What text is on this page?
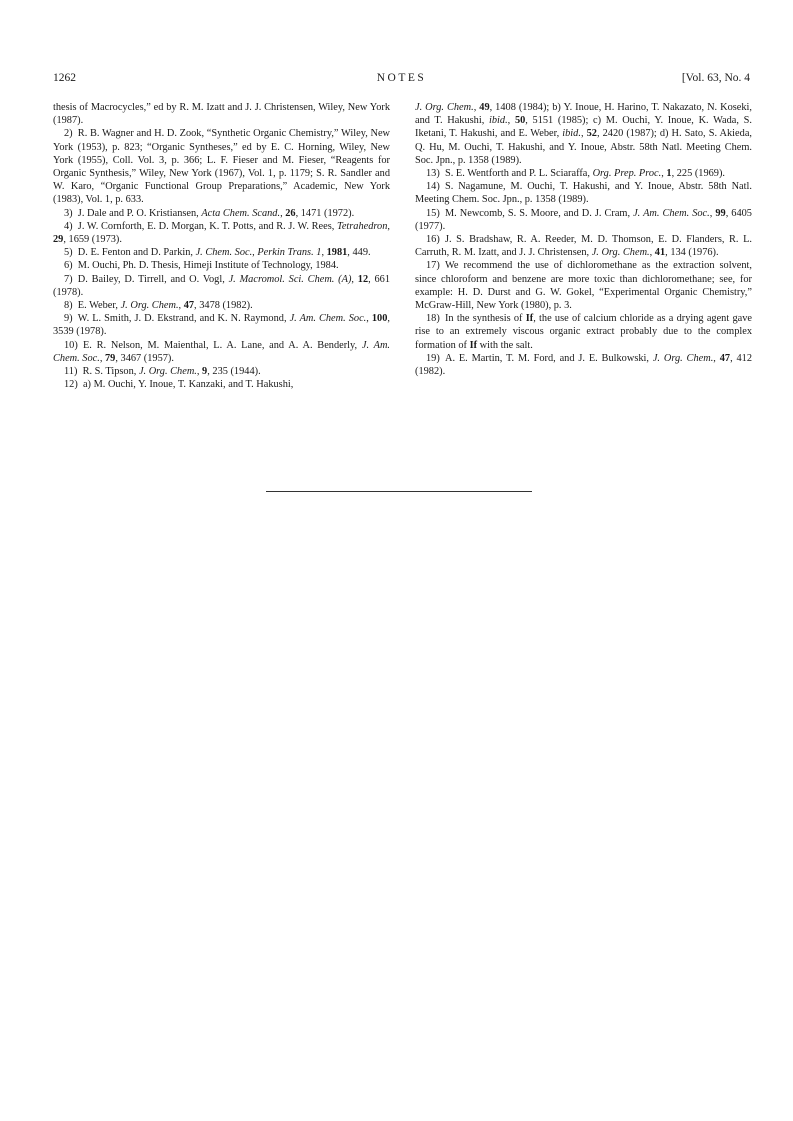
1262	NOTES	[Vol. 63, No. 4

thesis of Macrocycles,” ed by R. M. Izatt and J. J. Christensen, Wiley, New York (1987).

2)  R. B. Wagner and H. D. Zook, “Synthetic Organic Chemistry,” Wiley, New York (1953), p. 823; “Organic Syntheses,” ed by E. C. Horning, Wiley, New York (1955), Coll. Vol. 3, p. 366; L. F. Fieser and M. Fieser, “Reagents for Organic Synthesis,” Wiley, New York (1967), Vol. 1, p. 1179; S. R. Sandler and W. Karo, “Organic Functional Group Preparations,” Academic, New York (1983), Vol. 1, p. 633.

3)  J. Dale and P. O. Kristiansen, Acta Chem. Scand., 26, 1471 (1972).

4)  J. W. Cornforth, E. D. Morgan, K. T. Potts, and R. J. W. Rees, Tetrahedron, 29, 1659 (1973).

5)  D. E. Fenton and D. Parkin, J. Chem. Soc., Perkin Trans. 1, 1981, 449.

6)  M. Ouchi, Ph. D. Thesis, Himeji Institute of Technology, 1984.

7)  D. Bailey, D. Tirrell, and O. Vogl, J. Macromol. Sci. Chem. (A), 12, 661 (1978).

8)  E. Weber, J. Org. Chem., 47, 3478 (1982).

9)  W. L. Smith, J. D. Ekstrand, and K. N. Raymond, J. Am. Chem. Soc., 100, 3539 (1978).

10)  E. R. Nelson, M. Maienthal, L. A. Lane, and A. A. Benderly, J. Am. Chem. Soc., 79, 3467 (1957).

11)  R. S. Tipson, J. Org. Chem., 9, 235 (1944).

12)  a) M. Ouchi, Y. Inoue, T. Kanzaki, and T. Hakushi,

J. Org. Chem., 49, 1408 (1984); b) Y. Inoue, H. Harino, T. Nakazato, N. Koseki, and T. Hakushi, ibid., 50, 5151 (1985); c) M. Ouchi, Y. Inoue, K. Wada, S. Iketani, T. Hakushi, and E. Weber, ibid., 52, 2420 (1987); d) H. Sato, S. Akieda, Q. Hu, M. Ouchi, T. Hakushi, and Y. Inoue, Abstr. 58th Natl. Meeting Chem. Soc. Jpn., p. 1358 (1989).

13)  S. E. Wentforth and P. L. Sciaraffa, Org. Prep. Proc., 1, 225 (1969).

14)  S. Nagamune, M. Ouchi, T. Hakushi, and Y. Inoue, Abstr. 58th Natl. Meeting Chem. Soc. Jpn., p. 1358 (1989).

15)  M. Newcomb, S. S. Moore, and D. J. Cram, J. Am. Chem. Soc., 99, 6405 (1977).

16)  J. S. Bradshaw, R. A. Reeder, M. D. Thomson, E. D. Flanders, R. L. Carruth, R. M. Izatt, and J. J. Christensen, J. Org. Chem., 41, 134 (1976).

17)  We recommend the use of dichloromethane as the extraction solvent, since chloroform and benzene are more toxic than dichloromethane; see, for example: H. D. Durst and G. W. Gokel, “Experimental Organic Chemistry,” McGraw-Hill, New York (1980), p. 3.

18)  In the synthesis of If, the use of calcium chloride as a drying agent gave rise to an extremely viscous organic extract probably due to the complex formation of If with the salt.

19)  A. E. Martin, T. M. Ford, and J. E. Bulkowski, J. Org. Chem., 47, 412 (1982).
